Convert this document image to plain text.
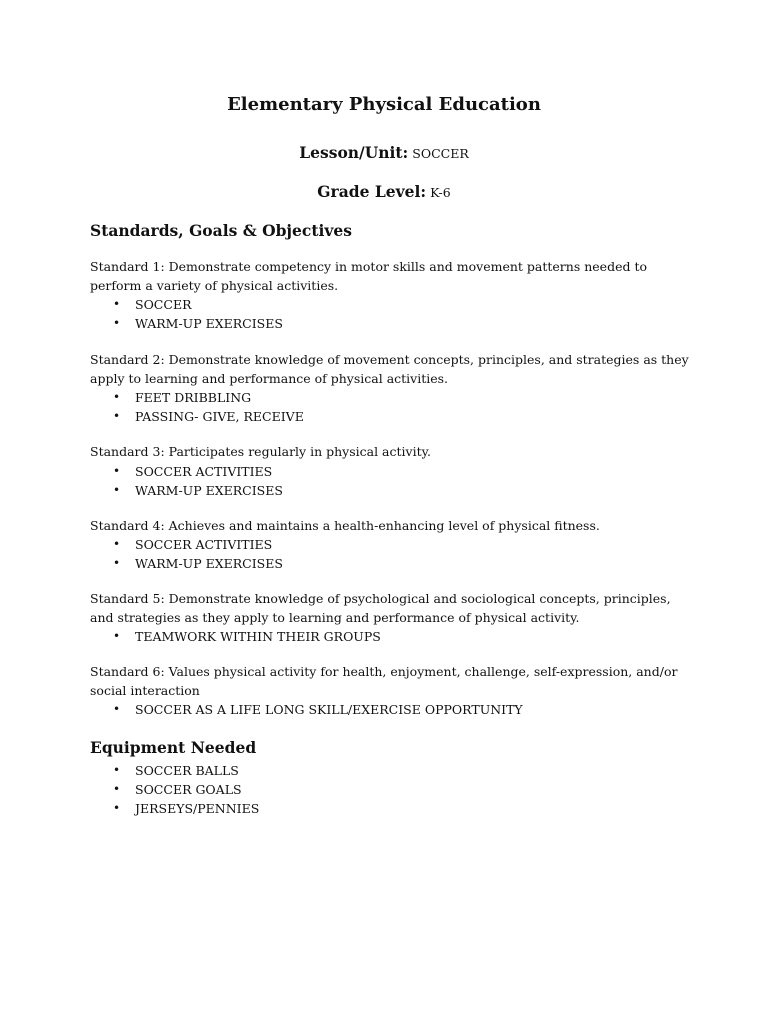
Elementary Physical Education
Lesson/Unit: SOCCER
Grade Level: K-6
Standards, Goals & Objectives

Standard 1: Demonstrate competency in motor skills and movement patterns needed to perform a variety of physical activities.

• SOCCER
• WARM-UP EXERCISES

Standard 2: Demonstrate knowledge of movement concepts, principles, and strategies as they apply to learning and performance of physical activities.

• FEET DRIBBLING
• PASSING- GIVE, RECEIVE

Standard 3: Participates regularly in physical activity.

• SOCCER ACTIVITIES
• WARM-UP EXERCISES

Standard 4: Achieves and maintains a health-enhancing level of physical fitness.

• SOCCER ACTIVITIES
• WARM-UP EXERCISES

Standard 5: Demonstrate knowledge of psychological and sociological concepts, principles, and strategies as they apply to learning and performance of physical activity.

• TEAMWORK WITHIN THEIR GROUPS

Standard 6: Values physical activity for health, enjoyment, challenge, self-expression, and/or social interaction

• SOCCER AS A LIFE LONG SKILL/EXERCISE OPPORTUNITY
Equipment Needed
• SOCCER BALLS
• SOCCER GOALS
• JERSEYS/PENNIES
